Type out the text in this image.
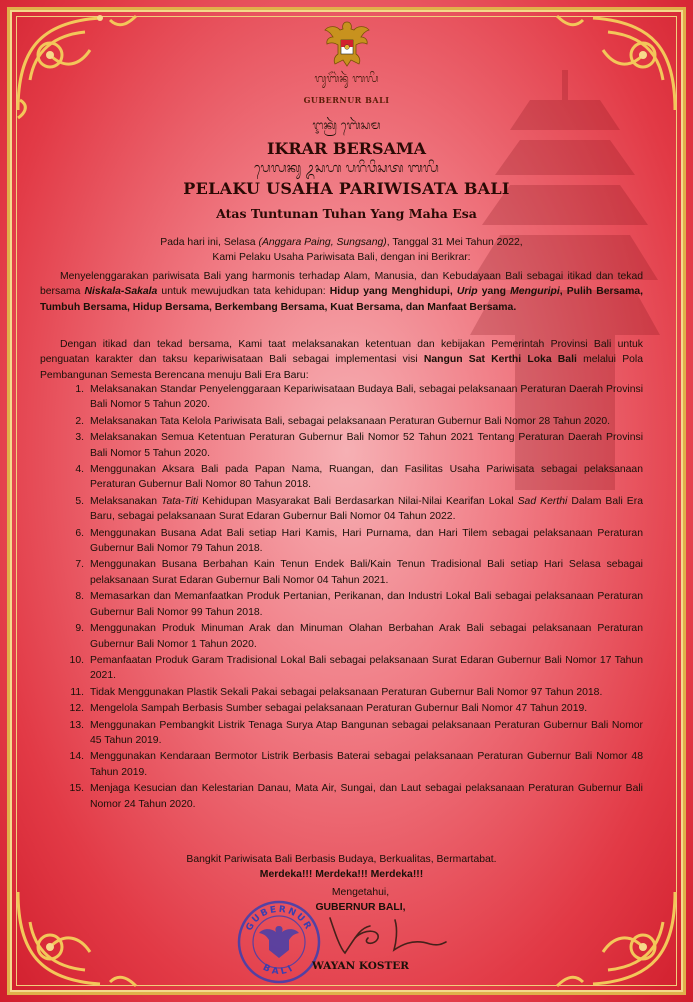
ᬕᬸᬩᭂᬃᬦᬸᬃ ᬩᬮᬶ
GUBERNUR BALI
ᬇᬓ᭄ᬭᬃ ᬩᬾᬃᬲᬫ
IKRAR BERSAMA
ᬧᬾᬮᬓᬸ ᬉᬲᬳ ᬧᬭᬶᬯᬶᬲᬢ ᬩᬮᬶ
PELAKU USAHA PARIWISATA BALI
Atas Tuntunan Tuhan Yang Maha Esa
Pada hari ini, Selasa (Anggara Paing, Sungsang), Tanggal 31 Mei Tahun 2022,
Kami Pelaku Usaha Pariwisata Bali, dengan ini Berikrar:
Menyelenggarakan pariwisata Bali yang harmonis terhadap Alam, Manusia, dan Kebudayaan Bali sebagai itikad dan tekad bersama Niskala-Sakala untuk mewujudkan tata kehidupan: Hidup yang Menghidupi, Urip yang Menguripi, Pulih Bersama, Tumbuh Bersama, Hidup Bersama, Berkembang Bersama, Kuat Bersama, dan Manfaat Bersama.
Dengan itikad dan tekad bersama, Kami taat melaksanakan ketentuan dan kebijakan Pemerintah Provinsi Bali untuk penguatan karakter dan taksu kepariwisataan Bali sebagai implementasi visi Nangun Sat Kerthi Loka Bali melalui Pola Pembangunan Semesta Berencana menuju Bali Era Baru:
1. Melaksanakan Standar Penyelenggaraan Kepariwisataan Budaya Bali, sebagai pelaksanaan Peraturan Daerah Provinsi Bali Nomor 5 Tahun 2020.
2. Melaksanakan Tata Kelola Pariwisata Bali, sebagai pelaksanaan Peraturan Gubernur Bali Nomor 28 Tahun 2020.
3. Melaksanakan Semua Ketentuan Peraturan Gubernur Bali Nomor 52 Tahun 2021 Tentang Peraturan Daerah Provinsi Bali Nomor 5 Tahun 2020.
4. Menggunakan Aksara Bali pada Papan Nama, Ruangan, dan Fasilitas Usaha Pariwisata sebagai pelaksanaan Peraturan Gubernur Bali Nomor 80 Tahun 2018.
5. Melaksanakan Tata-Titi Kehidupan Masyarakat Bali Berdasarkan Nilai-Nilai Kearifan Lokal Sad Kerthi Dalam Bali Era Baru, sebagai pelaksanaan Surat Edaran Gubernur Bali Nomor 04 Tahun 2022.
6. Menggunakan Busana Adat Bali setiap Hari Kamis, Hari Purnama, dan Hari Tilem sebagai pelaksanaan Peraturan Gubernur Bali Nomor 79 Tahun 2018.
7. Menggunakan Busana Berbahan Kain Tenun Endek Bali/Kain Tenun Tradisional Bali setiap Hari Selasa sebagai pelaksanaan Surat Edaran Gubernur Bali Nomor 04 Tahun 2021.
8. Memasarkan dan Memanfaatkan Produk Pertanian, Perikanan, dan Industri Lokal Bali sebagai pelaksanaan Peraturan Gubernur Bali Nomor 99 Tahun 2018.
9. Menggunakan Produk Minuman Arak dan Minuman Olahan Berbahan Arak Bali sebagai pelaksanaan Peraturan Gubernur Bali Nomor 1 Tahun 2020.
10. Pemanfaatan Produk Garam Tradisional Lokal Bali sebagai pelaksanaan Surat Edaran Gubernur Bali Nomor 17 Tahun 2021.
11. Tidak Menggunakan Plastik Sekali Pakai sebagai pelaksanaan Peraturan Gubernur Bali Nomor 97 Tahun 2018.
12. Mengelola Sampah Berbasis Sumber sebagai pelaksanaan Peraturan Gubernur Bali Nomor 47 Tahun 2019.
13. Menggunakan Pembangkit Listrik Tenaga Surya Atap Bangunan sebagai pelaksanaan Peraturan Gubernur Bali Nomor 45 Tahun 2019.
14. Menggunakan Kendaraan Bermotor Listrik Berbasis Baterai sebagai pelaksanaan Peraturan Gubernur Bali Nomor 48 Tahun 2019.
15. Menjaga Kesucian dan Kelestarian Danau, Mata Air, Sungai, dan Laut sebagai pelaksanaan Peraturan Gubernur Bali Nomor 24 Tahun 2020.
Bangkit Pariwisata Bali Berbasis Budaya, Berkualitas, Bermartabat.
Merdeka!!! Merdeka!!! Merdeka!!!
GUBERNUR
BALI
Mengetahui,
GUBERNUR BALI,
WAYAN KOSTER
